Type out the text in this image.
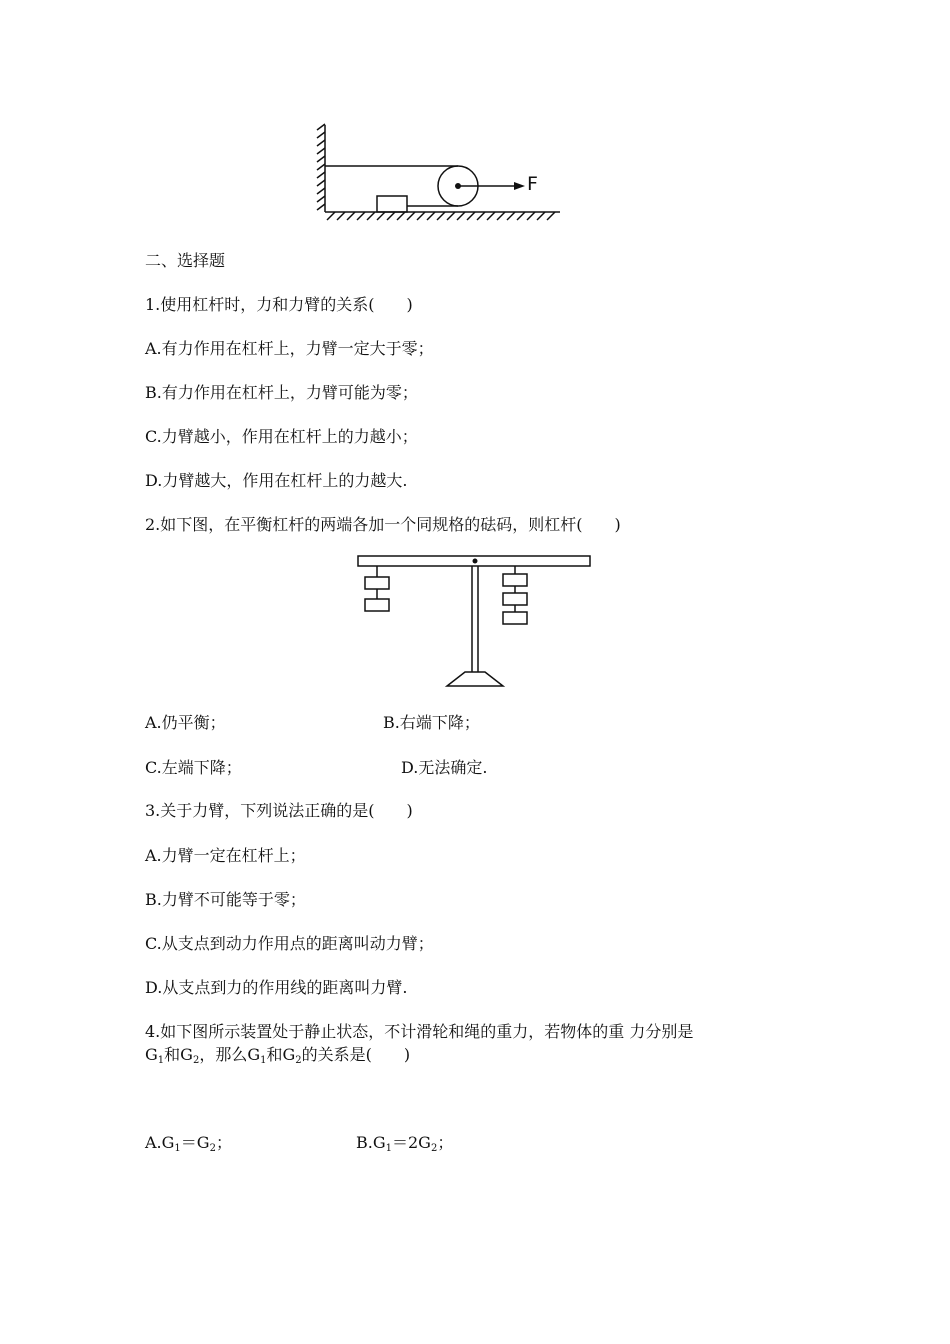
F
二、选择题
1.使用杠杆时，力和力臂的关系(　　)
A.有力作用在杠杆上，力臂一定大于零；
B.有力作用在杠杆上，力臂可能为零；
C.力臂越小，作用在杠杆上的力越小；
D.力臂越大，作用在杠杆上的力越大.
2.如下图，在平衡杠杆的两端各加一个同规格的砝码，则杠杆(　　)
A.仍平衡；	B.右端下降；
C.左端下降；	D.无法确定.
3.关于力臂，下列说法正确的是(　　)
A.力臂一定在杠杆上；
B.力臂不可能等于零；
C.从支点到动力作用点的距离叫动力臂；
D.从支点到力的作用线的距离叫力臂.
4.如下图所示装置处于静止状态，不计滑轮和绳的重力，若物体的重 力分别是
$G_1$和$G_2$，那么$G_1$和$G_2$的关系是(　　)
$A.G_1=G_2$；	$B.G_1=2G_2$；
